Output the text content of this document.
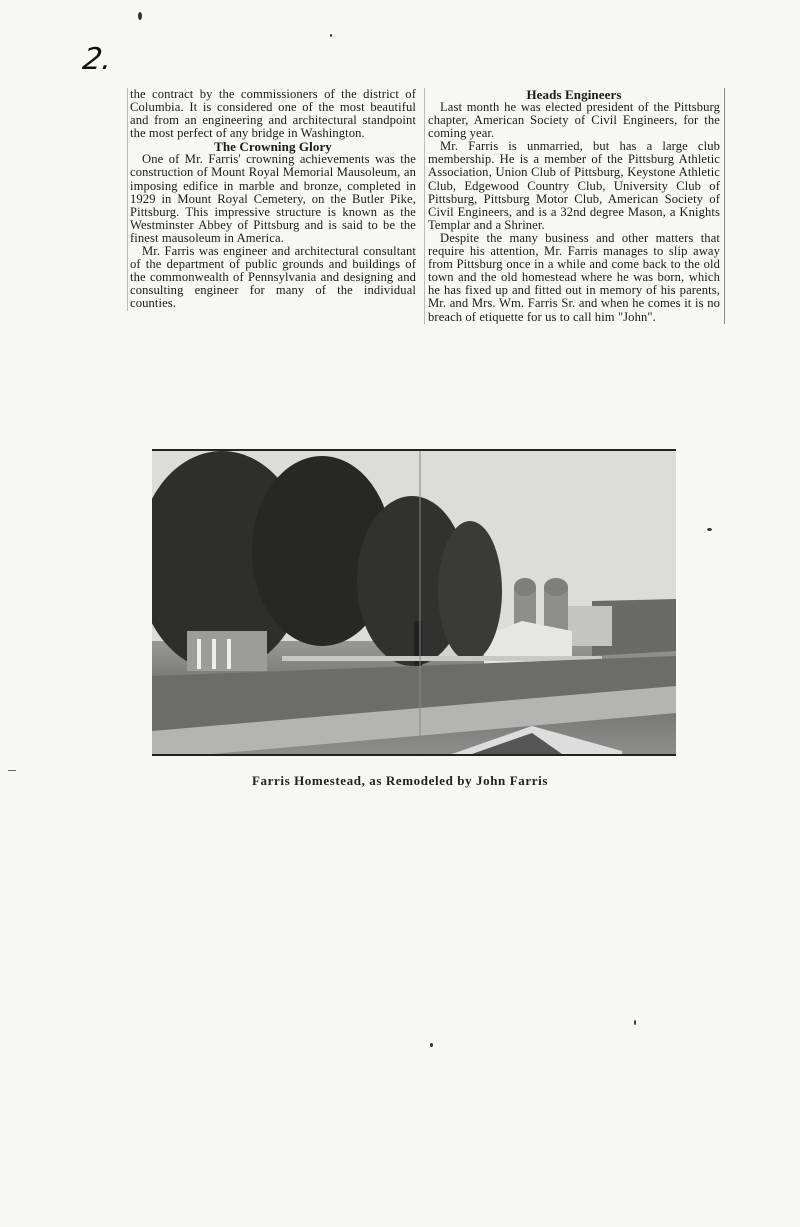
2.

the contract by the commissioners of the district of Columbia. It is considered one of the most beautiful and from an engineering and architectural standpoint the most perfect of any bridge in Washington.

The Crowning Glory

One of Mr. Farris' crowning achievements was the construction of Mount Royal Memorial Mausoleum, an imposing edifice in marble and bronze, completed in 1929 in Mount Royal Cemetery, on the Butler Pike, Pittsburg. This impressive structure is known as the Westminster Abbey of Pittsburg and is said to be the finest mausoleum in America.

Mr. Farris was engineer and architectural consultant of the department of public grounds and buildings of the commonwealth of Pennsylvania and designing and consulting engineer for many of the individual counties.

Heads Engineers

Last month he was elected president of the Pittsburg chapter, American Society of Civil Engineers, for the coming year.

Mr. Farris is unmarried, but has a large club membership. He is a member of the Pittsburg Athletic Association, Union Club of Pittsburg, Keystone Athletic Club, Edgewood Country Club, University Club of Pittsburg, Pittsburg Motor Club, American Society of Civil Engineers, and is a 32nd degree Mason, a Knights Templar and a Shriner.

Despite the many business and other matters that require his attention, Mr. Farris manages to slip away from Pittsburg once in a while and come back to the old town and the old homestead where he was born, which he has fixed up and fitted out in memory of his parents, Mr. and Mrs. Wm. Farris Sr. and when he comes it is no breach of etiquette for us to call him "John".

Farris Homestead, as Remodeled by John Farris
